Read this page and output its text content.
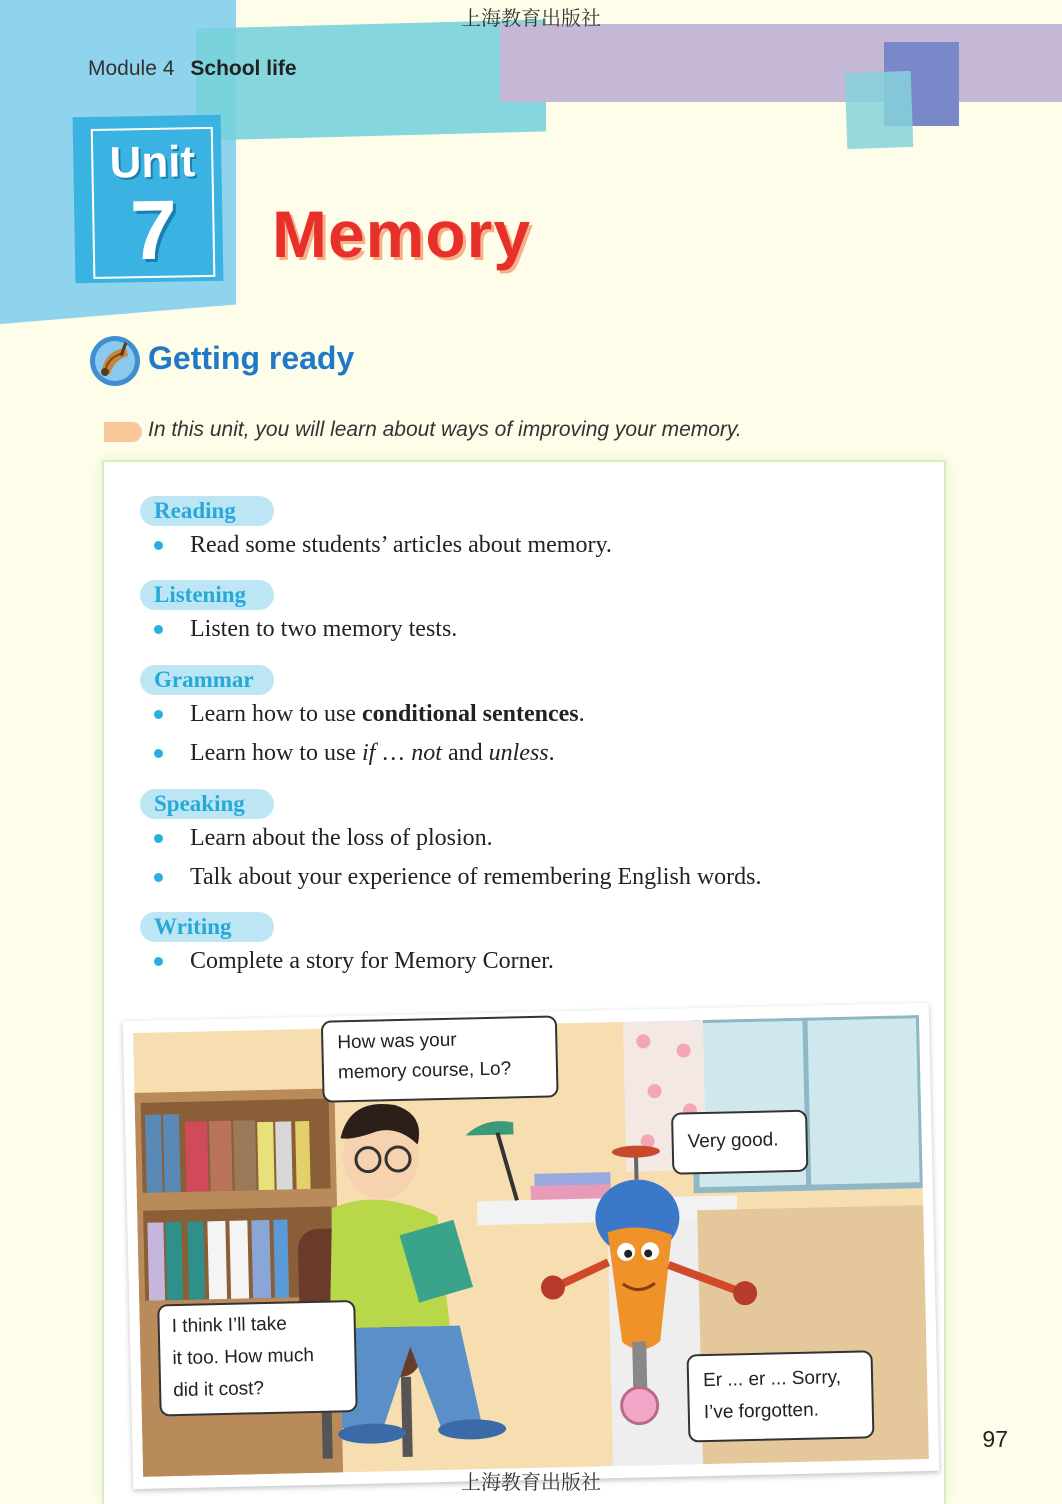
上海教育出版社
Module 4 School life
Unit
7	Memory
Getting ready
In this unit, you will learn about ways of improving your memory.
Reading
Read some students’ articles about memory.
Listening
Listen to two memory tests.
Grammar
Learn how to use conditional sentences.
Learn how to use if … not and unless.
Speaking
Learn about the loss of plosion.
Talk about your experience of remembering English words.
Writing
Complete a story for Memory Corner.
How was your
memory course, Lo?
Very good.
I think I’ll take
it too. How much
did it cost?	Er ... er ... Sorry,
I’ve forgotten.
97
上海教育出版社
